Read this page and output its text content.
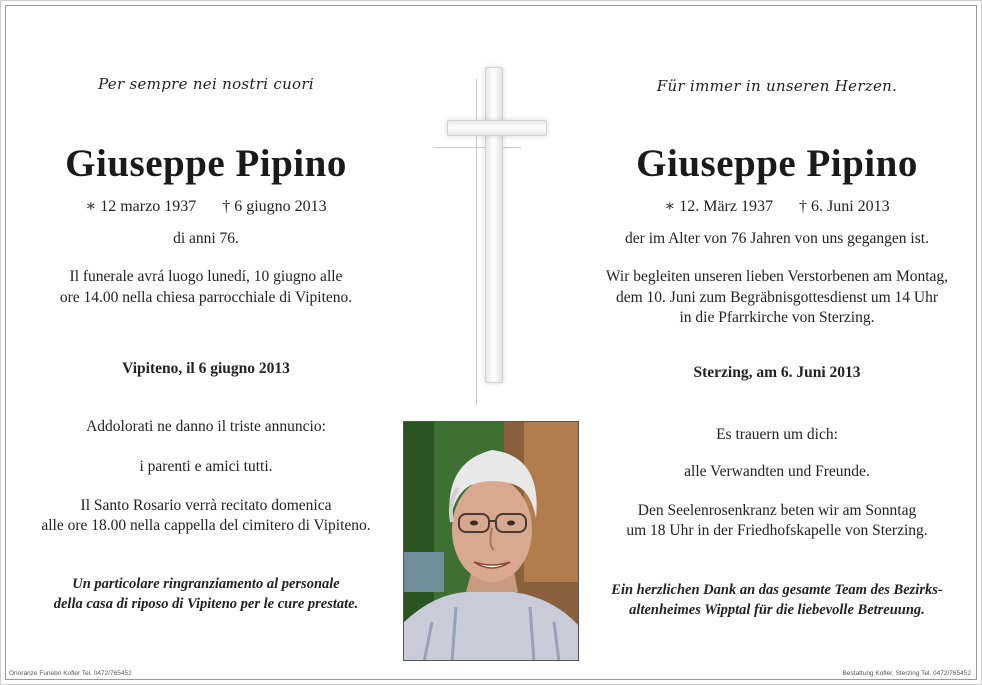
Per sempre nei nostri cuori
Giuseppe Pipino
∗ 12 marzo 1937 † 6 giugno 2013
di anni 76.
Il funerale avrá luogo lunedí, 10 giugno alle
ore 14.00 nella chiesa parrocchiale di Vipiteno.
Vipiteno, il 6 giugno 2013
Addolorati ne danno il triste annuncio:
i parenti e amici tutti.
Il Santo Rosario verrà recitato domenica
alle ore 18.00 nella cappella del cimitero di Vipiteno.
Un particolare ringranziamento al personale
della casa di riposo di Vipiteno per le cure prestate.
Für immer in unseren Herzen.
Giuseppe Pipino
∗ 12. März 1937 † 6. Juni 2013
der im Alter von 76 Jahren von uns gegangen ist.
Wir begleiten unseren lieben Verstorbenen am Montag,
dem 10. Juni zum Begräbnisgottesdienst um 14 Uhr
in die Pfarrkirche von Sterzing.
Sterzing, am 6. Juni 2013
Es trauern um dich:
alle Verwandten und Freunde.
Den Seelenrosenkranz beten wir am Sonntag
um 18 Uhr in der Friedhofskapelle von Sterzing.
Ein herzlichen Dank an das gesamte Team des Bezirks-
altenheimes Wipptal für die liebevolle Betreuung.
Onoranze Funebri Kofler Tel. 0472/765452	Bestattung Kofler, Sterzing Tel. 0472/765452
